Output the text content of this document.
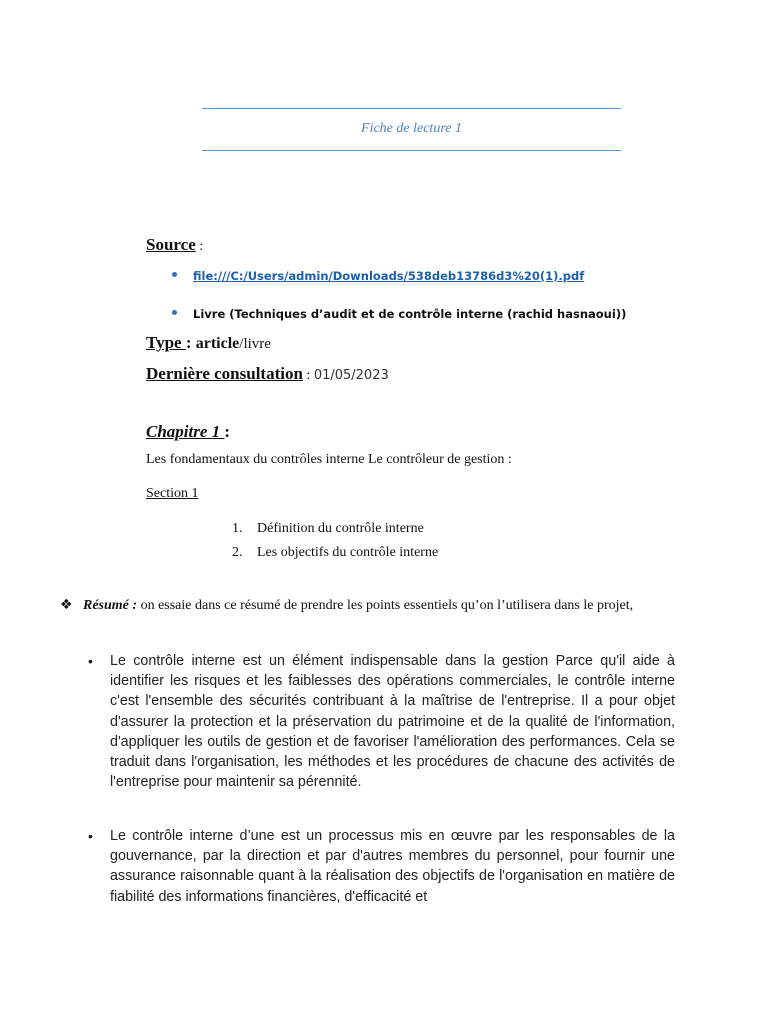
Fiche de lecture 1
Source :
file:///C:/Users/admin/Downloads/538deb13786d3%20(1).pdf
Livre (Techniques d’audit et de contrôle interne (rachid hasnaoui))
Type : article/livre
Dernière consultation : 01/05/2023
Chapitre 1 :
Les fondamentaux du contrôles interne Le contrôleur de gestion :
Section 1
1.	Définition du contrôle interne
2.	Les objectifs du contrôle interne
❖ Résumé : on essaie dans ce résumé de prendre les points essentiels qu’on l’utilisera dans le projet,
• Le contrôle interne est un élément indispensable dans la gestion Parce qu'il aide à identifier les risques et les faiblesses des opérations commerciales, le contrôle interne c'est l'ensemble des sécurités contribuant à la maîtrise de l'entreprise. Il a pour objet d'assurer la protection et la préservation du patrimoine et de la qualité de l'information, d'appliquer les outils de gestion et de favoriser l'amélioration des performances. Cela se traduit dans l'organisation, les méthodes et les procédures de chacune des activités de l'entreprise pour maintenir sa pérennité.
• Le contrôle interne d’une est un processus mis en œuvre par les responsables de la gouvernance, par la direction et par d'autres membres du personnel, pour fournir une assurance raisonnable quant à la réalisation des objectifs de l'organisation en matière de fiabilité des informations financières, d'efficacité et
